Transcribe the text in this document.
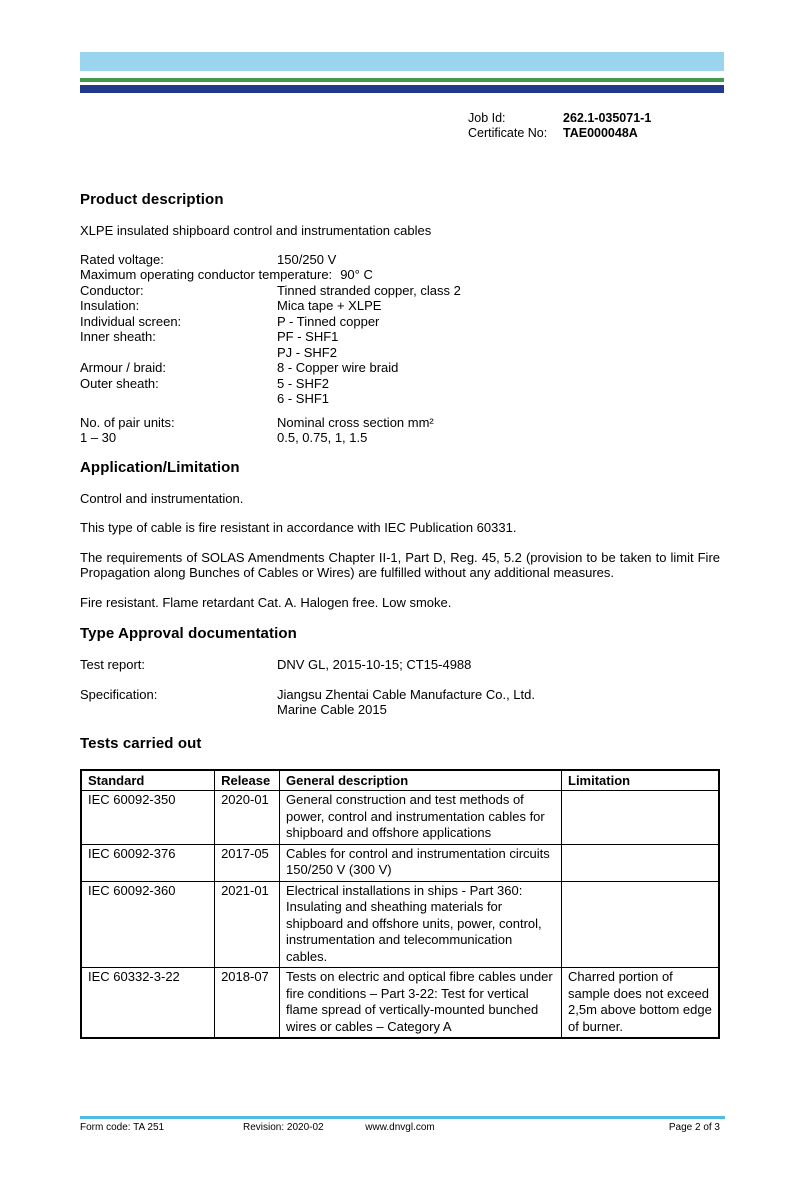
Job Id:	262.1-035071-1
Certificate No: TAE000048A
Product description

XLPE insulated shipboard control and instrumentation cables

Rated voltage:	150/250 V
Maximum operating conductor temperature: 90° C
Conductor:	Tinned stranded copper, class 2
Insulation:	Mica tape + XLPE
Individual screen:	P - Tinned copper
Inner sheath:	PF - SHF1
PJ - SHF2
Armour / braid:	8 - Copper wire braid
Outer sheath:	5 - SHF2
6 - SHF1
No. of pair units:	Nominal cross section mm²
1 – 30	0.5, 0.75, 1, 1.5
Application/Limitation

Control and instrumentation.

This type of cable is fire resistant in accordance with IEC Publication 60331.

The requirements of SOLAS Amendments Chapter II-1, Part D, Reg. 45, 5.2 (provision to be taken to limit Fire Propagation along Bunches of Cables or Wires) are fulfilled without any additional measures.

Fire resistant. Flame retardant Cat. A. Halogen free. Low smoke.

Type Approval documentation
Test report:	DNV GL, 2015-10-15; CT15-4988
Specification:	Jiangsu Zhentai Cable Manufacture Co., Ltd.
Marine Cable 2015
Tests carried out
Standard	Release	General description	Limitation
IEC 60092-350	2020-01	General construction and test methods of power, control and instrumentation cables for shipboard and offshore applications	
IEC 60092-376	2017-05	Cables for control and instrumentation circuits 150/250 V (300 V)	
IEC 60092-360	2021-01	Electrical installations in ships - Part 360: Insulating and sheathing materials for shipboard and offshore units, power, control, instrumentation and telecommunication cables.	
IEC 60332-3-22	2018-07	Tests on electric and optical fibre cables under fire conditions – Part 3-22: Test for vertical flame spread of vertically-mounted bunched wires or cables – Category A	Charred portion of sample does not exceed 2,5m above bottom edge of burner.
Form code: TA 251	Revision: 2020-02	www.dnvgl.com	Page 2 of 3
